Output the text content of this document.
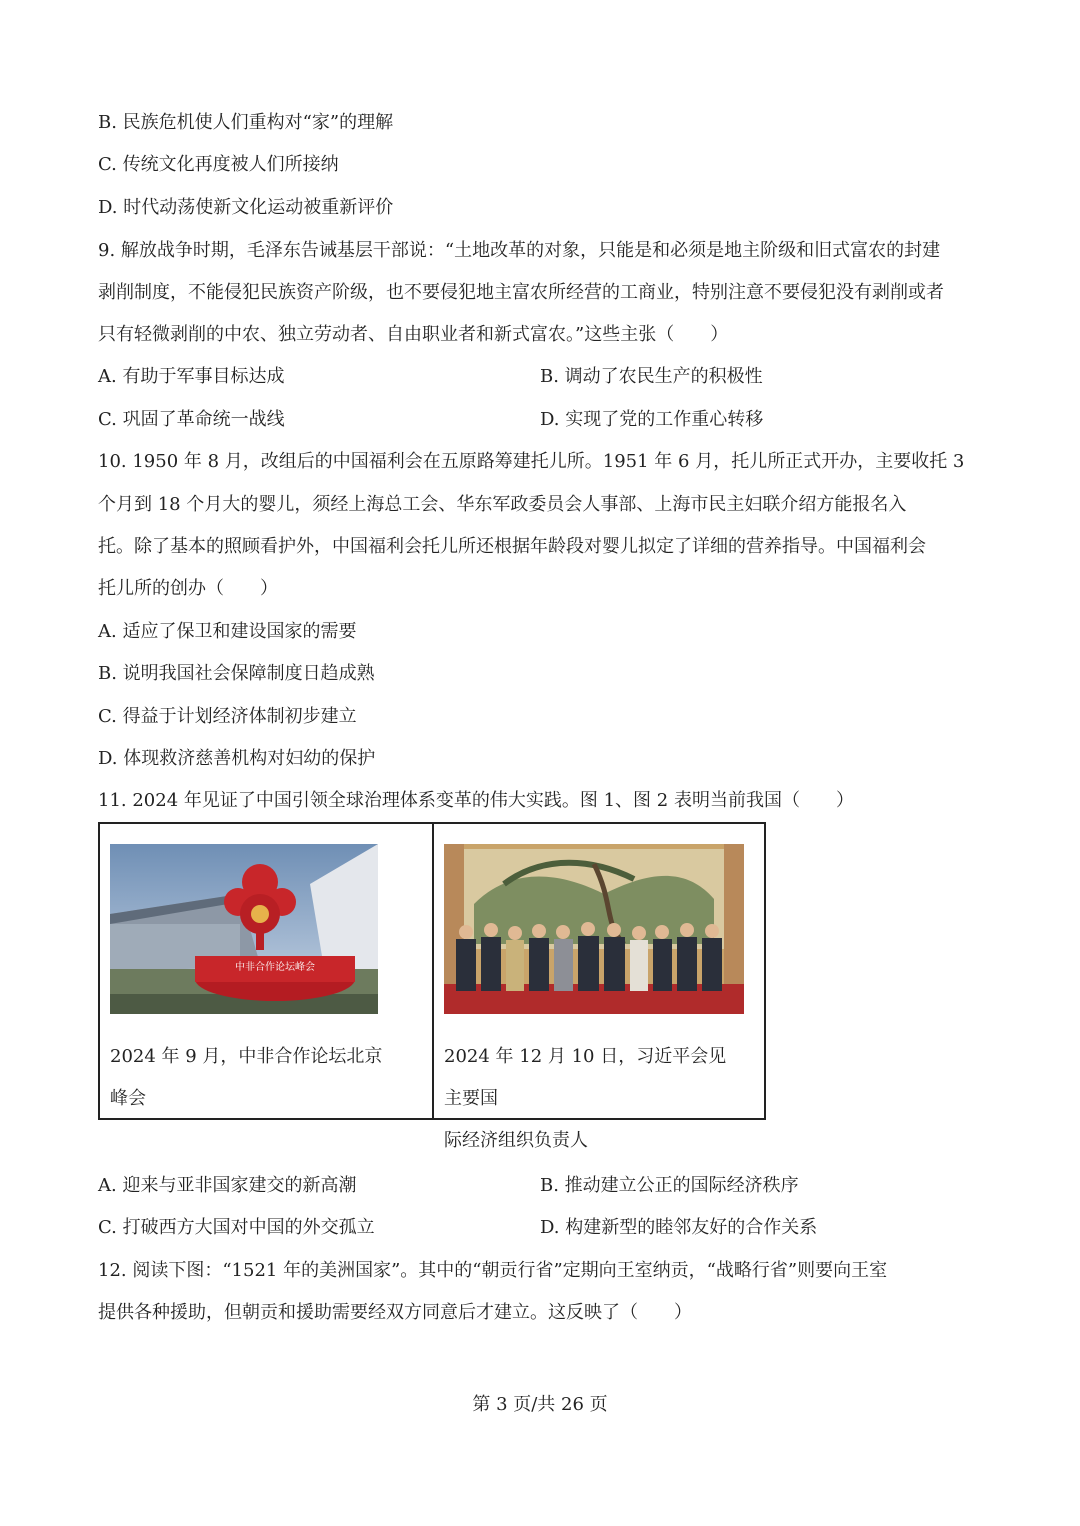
B. 民族危机使人们重构对“家”的理解
C. 传统文化再度被人们所接纳
D. 时代动荡使新文化运动被重新评价
9. 解放战争时期，毛泽东告诫基层干部说：“土地改革的对象，只能是和必须是地主阶级和旧式富农的封建
剥削制度，不能侵犯民族资产阶级，也不要侵犯地主富农所经营的工商业，特别注意不要侵犯没有剥削或者
只有轻微剥削的中农、独立劳动者、自由职业者和新式富农。”这些主张（　　）
A. 有助于军事目标达成	B. 调动了农民生产的积极性
C. 巩固了革命统一战线	D. 实现了党的工作重心转移
10. 1950 年 8 月，改组后的中国福利会在五原路筹建托儿所。1951 年 6 月，托儿所正式开办，主要收托 3
个月到 18 个月大的婴儿，须经上海总工会、华东军政委员会人事部、上海市民主妇联介绍方能报名入
托。除了基本的照顾看护外，中国福利会托儿所还根据年龄段对婴儿拟定了详细的营养指导。中国福利会
托儿所的创办（　　）
A. 适应了保卫和建设国家的需要
B. 说明我国社会保障制度日趋成熟
C. 得益于计划经济体制初步建立
D. 体现救济慈善机构对妇幼的保护
11. 2024 年见证了中国引领全球治理体系变革的伟大实践。图 1、图 2 表明当前我国（　　）
中非合作论坛峰会
2024 年 9 月，中非合作论坛北京
峰会
2024 年 12 月 10 日，习近平会见主要国
际经济组织负责人
A. 迎来与亚非国家建交的新高潮	B. 推动建立公正的国际经济秩序
C. 打破西方大国对中国的外交孤立	D. 构建新型的睦邻友好的合作关系
12. 阅读下图：“1521 年的美洲国家”。其中的“朝贡行省”定期向王室纳贡，“战略行省”则要向王室
提供各种援助，但朝贡和援助需要经双方同意后才建立。这反映了（　　）
第 3 页/共 26 页
